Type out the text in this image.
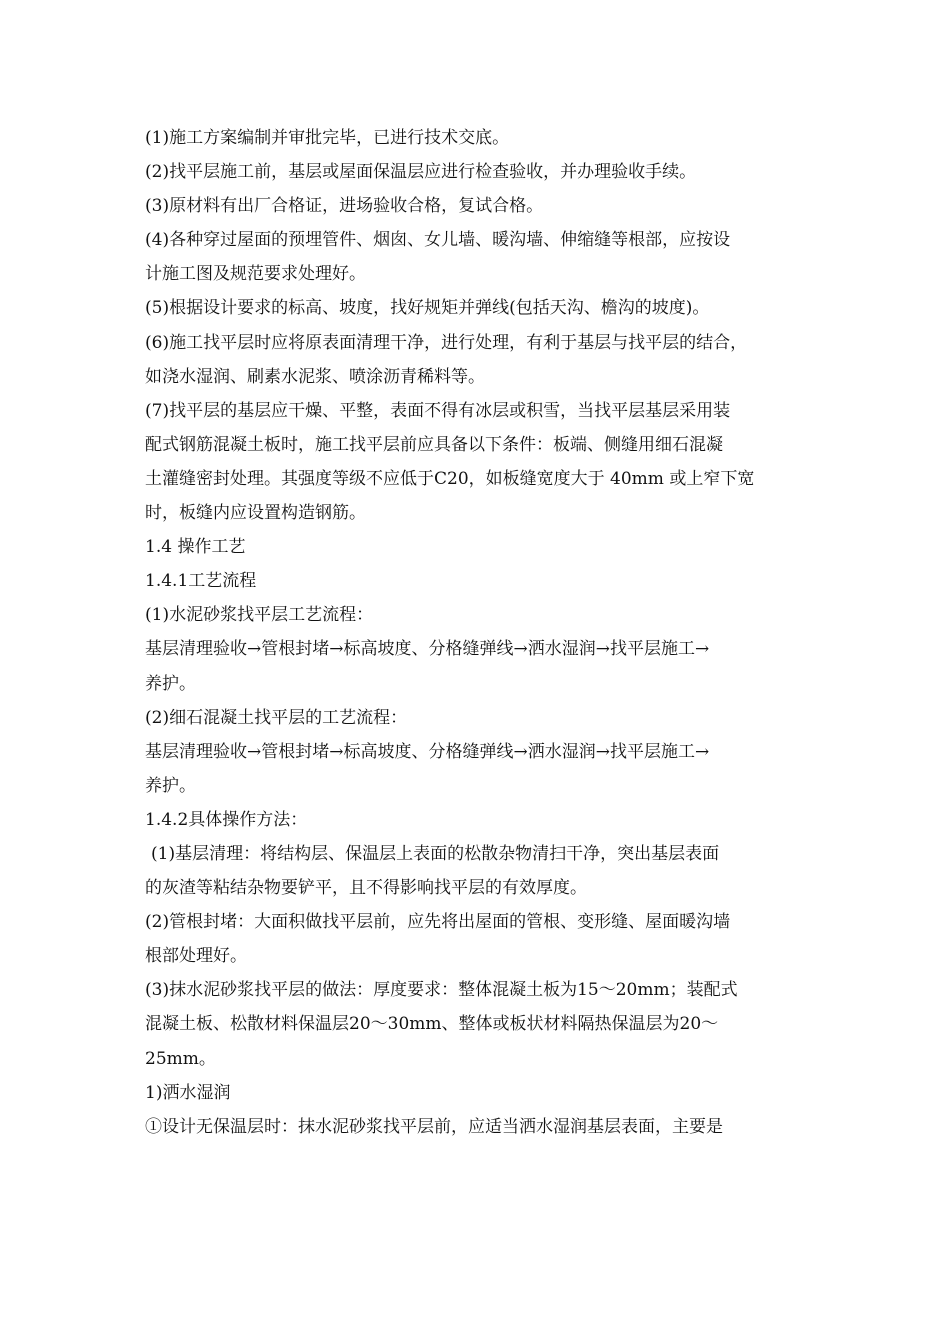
(1)施工方案编制并审批完毕，已进行技术交底。
(2)找平层施工前，基层或屋面保温层应进行检查验收，并办理验收手续。
(3)原材料有出厂合格证，进场验收合格，复试合格。
(4)各种穿过屋面的预埋管件、烟囱、女儿墙、暖沟墙、伸缩缝等根部，应按设
计施工图及规范要求处理好。
(5)根据设计要求的标高、坡度，找好规矩并弹线(包括天沟、檐沟的坡度)。
(6)施工找平层时应将原表面清理干净，进行处理，有利于基层与找平层的结合，
如浇水湿润、刷素水泥浆、喷涂沥青稀料等。
(7)找平层的基层应干燥、平整，表面不得有冰层或积雪，当找平层基层采用装
配式钢筋混凝土板时，施工找平层前应具备以下条件：板端、侧缝用细石混凝
土灌缝密封处理。其强度等级不应低于C20，如板缝宽度大于 40mm 或上窄下宽
时，板缝内应设置构造钢筋。
1.4 操作工艺
1.4.1工艺流程
(1)水泥砂浆找平层工艺流程：
基层清理验收→管根封堵→标高坡度、分格缝弹线→洒水湿润→找平层施工→
养护。
(2)细石混凝土找平层的工艺流程：
基层清理验收→管根封堵→标高坡度、分格缝弹线→洒水湿润→找平层施工→
养护。
1.4.2具体操作方法：
(1)基层清理：将结构层、保温层上表面的松散杂物清扫干净，突出基层表面
的灰渣等粘结杂物要铲平，且不得影响找平层的有效厚度。
(2)管根封堵：大面积做找平层前，应先将出屋面的管根、变形缝、屋面暖沟墙
根部处理好。
(3)抹水泥砂浆找平层的做法：厚度要求：整体混凝土板为15～20mm；装配式
混凝土板、松散材料保温层20～30mm、整体或板状材料隔热保温层为20～
25mm。
1)洒水湿润
①设计无保温层时：抹水泥砂浆找平层前，应适当洒水湿润基层表面，主要是
